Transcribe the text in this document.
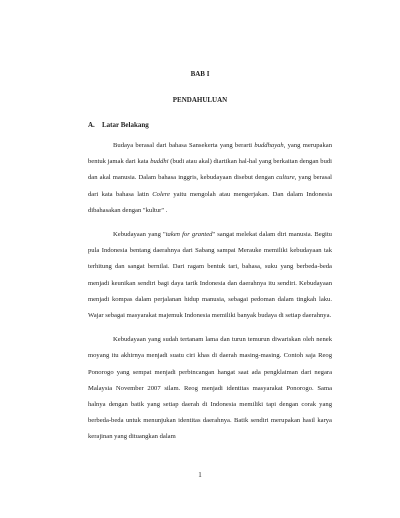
BAB I
PENDAHULUAN
A. Latar Belakang

Budaya berasal dari bahasa Sansekerta yang berarti buddhayah, yang merupakan bentuk jamak dari kata buddhi (budi atau akal) diartikan hal-hal yang berkaitan dengan budi dan akal manusia. Dalam bahasa inggris, kebudayaan disebut dengan culture, yang berasal dari kata bahasa latin Colere yaitu mengolah atau mengerjakan. Dan dalam Indonesia dibahasakan dengan "kultur" .

Kebudayaan yang "taken for granted" sangat melekat dalam diri manusia. Begitu pula Indonesia bentang daerahnya dari Sabang sampai Merauke memiliki kebudayaan tak terhitung dan sangat bernilai. Dari ragam bentuk tari, bahasa, suku yang berbeda-beda menjadi keunikan sendiri bagi daya tarik Indonesia dan daerahnya itu sendiri. Kebudayaan menjadi kompas dalam perjalanan hidup manusia, sebagai pedoman dalam tingkah laku. Wajar sebagai masyarakat majemuk Indonesia memiliki banyak budaya di setiap daerahnya.

Kebudayaan yang sudah tertanam lama dan turun temurun diwariskan oleh nenek moyang itu akhirnya menjadi suatu ciri khas di daerah masing-masing. Contoh saja Reog Ponorogo yang sempat menjadi perbincangan hangat saat ada pengklaiman dari negara Malaysia November 2007 silam. Reog menjadi identitas masyarakat Ponorogo. Sama halnya dengan batik yang setiap daerah di Indonesia memiliki tapi dengan corak yang berbeda-beda untuk menunjukan identitas daerahnya. Batik sendiri merupakan hasil karya kerajinan yang dituangkan dalam

1
